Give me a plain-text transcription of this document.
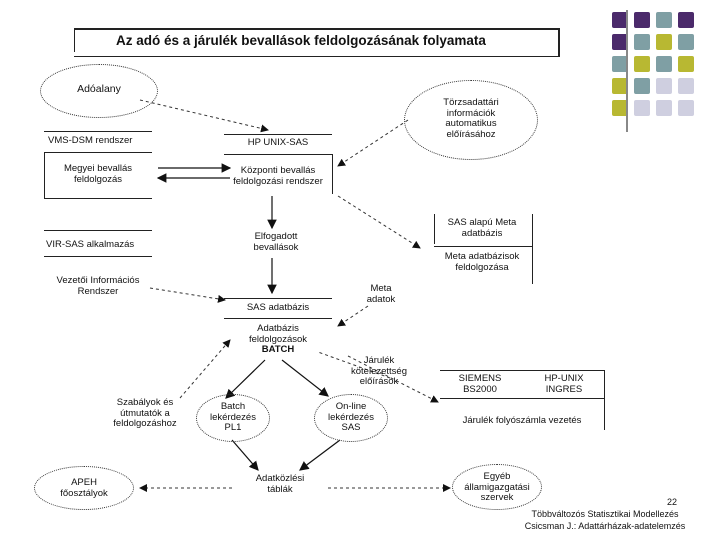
Az adó és a járulék bevallások feldolgozásának folyamata
Adóalany
Törzsadattári
információk
automatikus
előírásához
VMS-DSM rendszer
Megyei bevallás
feldolgozás
HP UNIX-SAS
Központi bevallás
feldolgozási rendszer
VIR-SAS alkalmazás
Vezetői Információs
Rendszer
Elfogadott
bevallások
SAS alapú Meta
adatbázis
Meta adatbázisok
feldolgozása
Meta
adatok
SAS adatbázis
Adatbázis
feldolgozások
BATCH
Járulék
kötelezettség
előírások	SIEMENS
BS2000
HP-UNIX
INGRES
Járulék folyószámla vezetés
Szabályok és
útmutatók a
feldolgozáshoz
Batch
lekérdezés
PL1
On-line
lekérdezés
SAS
APEH
főosztályok
Adatközlési
táblák
Egyéb
államigazgatási
szervek	22
Többváltozós Statisztikai Modellezés
Csicsman J.: Adattárházak-adatelemzés
